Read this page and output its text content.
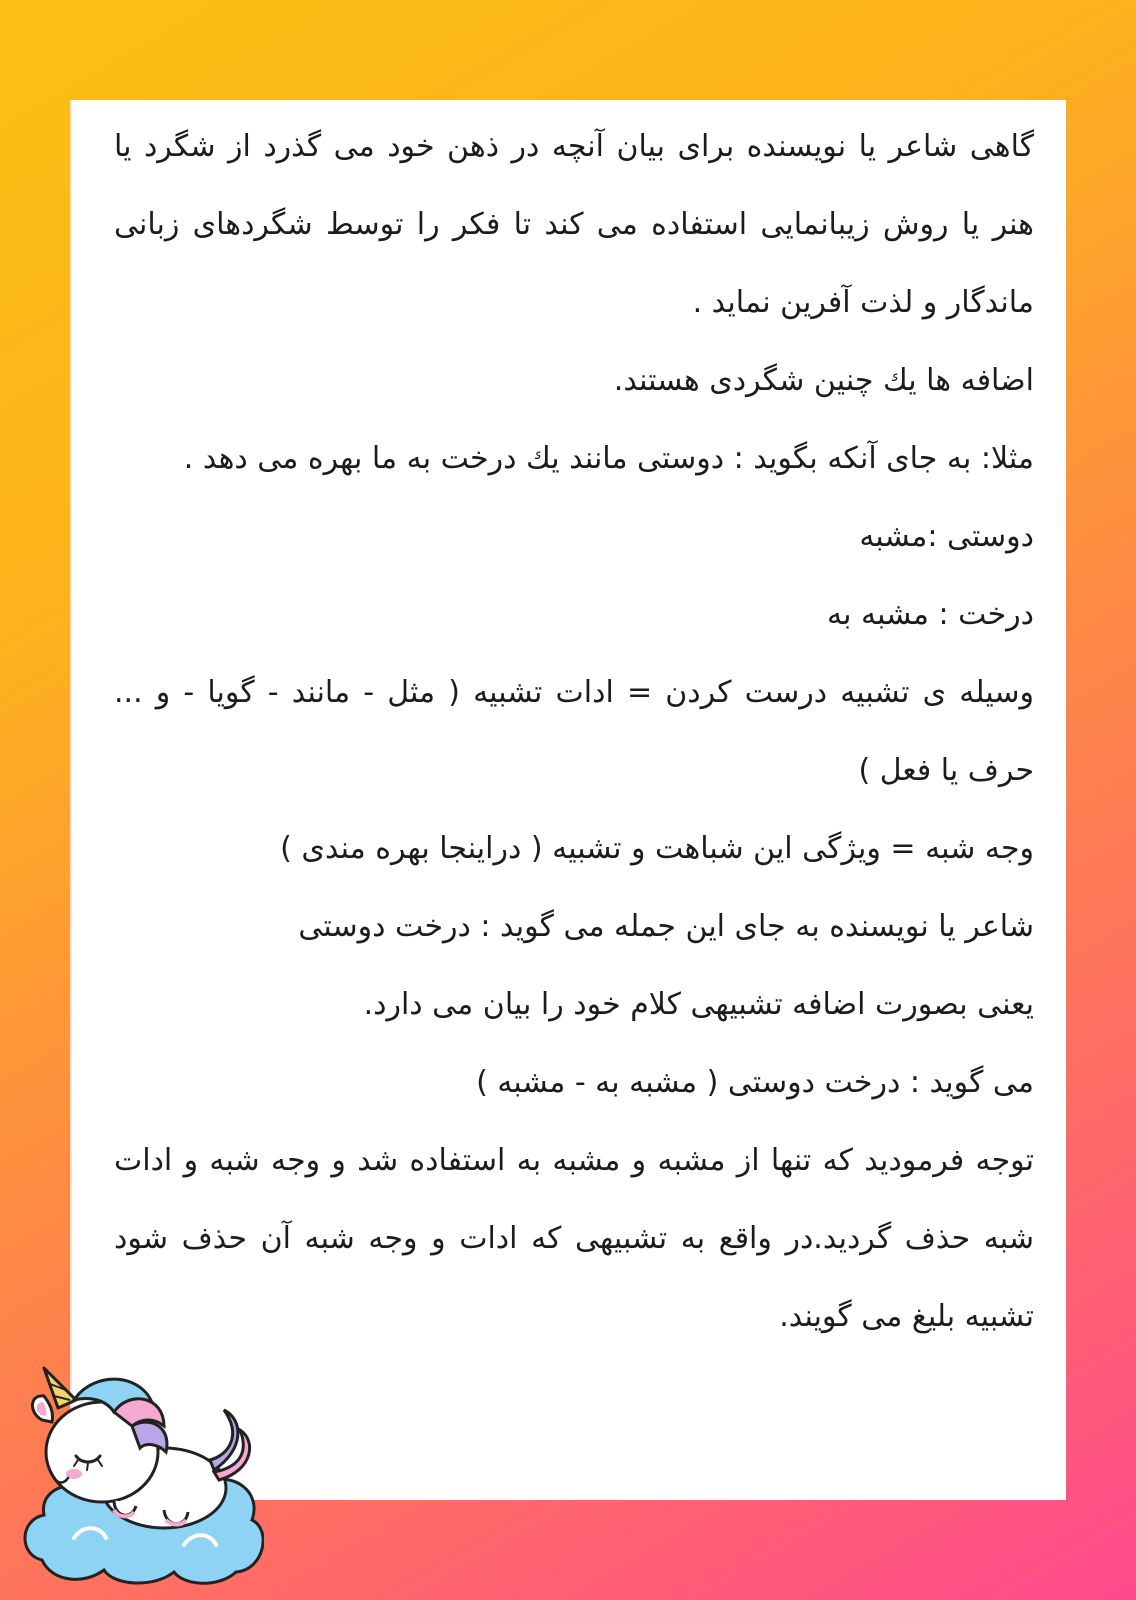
گاهی شاعر یا نویسنده برای بیان آنچه در ذهن خود می گذرد از شگرد یا هنر یا روش زیبانمایی استفاده می کند تا فکر را توسط شگردهای زبانی ماندگار و لذت آفرین نماید .

اضافه ها یك چنین شگردی هستند.

مثلا: به جای آنکه بگوید : دوستی مانند یك درخت به ما بهره می دهد .

دوستی :مشبه

درخت : مشبه به

وسیله ی تشبیه درست کردن = ادات تشبیه ( مثل - مانند - گویا - و ... حرف یا فعل )

وجه شبه = ویژگی این شباهت و تشبیه ( دراینجا بهره مندی )

شاعر یا نویسنده به جای این جمله می گوید : درخت دوستی

یعنی بصورت اضافه تشبیهی کلام خود را بیان می دارد.

می گوید : درخت دوستی ( مشبه به - مشبه )

توجه فرمودید که تنها از مشبه و مشبه به استفاده شد و وجه شبه و ادات شبه حذف گردید.در واقع به تشبیهی که ادات و وجه شبه آن حذف شود تشبیه بلیغ می گویند.
